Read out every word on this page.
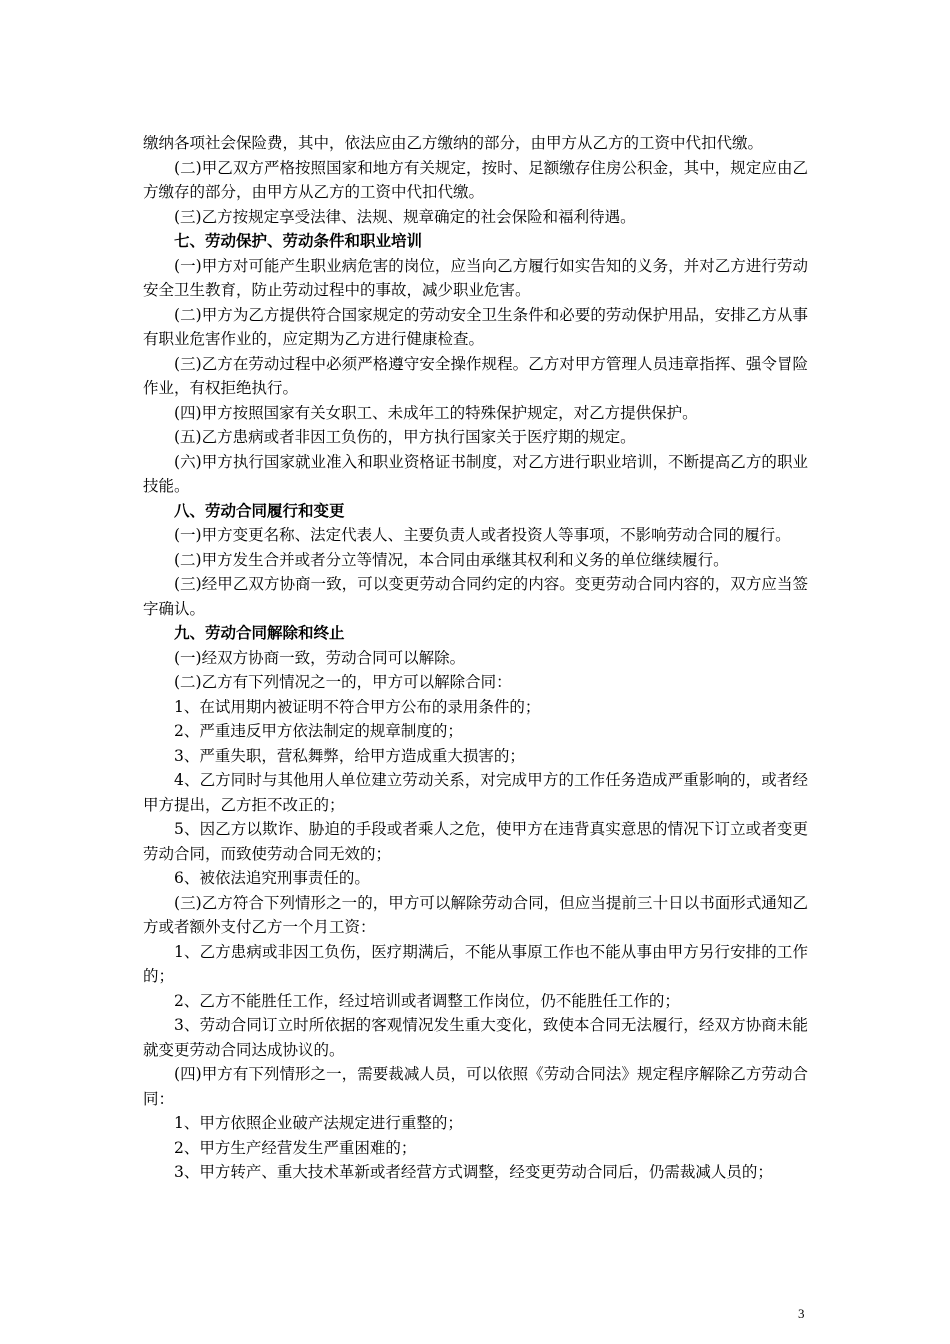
缴纳各项社会保险费，其中，依法应由乙方缴纳的部分，由甲方从乙方的工资中代扣代缴。

(二)甲乙双方严格按照国家和地方有关规定，按时、足额缴存住房公积金，其中，规定应由乙方缴存的部分，由甲方从乙方的工资中代扣代缴。

(三)乙方按规定享受法律、法规、规章确定的社会保险和福利待遇。

七、劳动保护、劳动条件和职业培训

(一)甲方对可能产生职业病危害的岗位，应当向乙方履行如实告知的义务，并对乙方进行劳动安全卫生教育，防止劳动过程中的事故，减少职业危害。

(二)甲方为乙方提供符合国家规定的劳动安全卫生条件和必要的劳动保护用品，安排乙方从事有职业危害作业的，应定期为乙方进行健康检查。

(三)乙方在劳动过程中必须严格遵守安全操作规程。乙方对甲方管理人员违章指挥、强令冒险作业，有权拒绝执行。

(四)甲方按照国家有关女职工、未成年工的特殊保护规定，对乙方提供保护。

(五)乙方患病或者非因工负伤的，甲方执行国家关于医疗期的规定。

(六)甲方执行国家就业准入和职业资格证书制度，对乙方进行职业培训，不断提高乙方的职业技能。

八、劳动合同履行和变更

(一)甲方变更名称、法定代表人、主要负责人或者投资人等事项，不影响劳动合同的履行。

(二)甲方发生合并或者分立等情况，本合同由承继其权利和义务的单位继续履行。

(三)经甲乙双方协商一致，可以变更劳动合同约定的内容。变更劳动合同内容的，双方应当签字确认。

九、劳动合同解除和终止

(一)经双方协商一致，劳动合同可以解除。

(二)乙方有下列情况之一的，甲方可以解除合同：

1、在试用期内被证明不符合甲方公布的录用条件的；

2、严重违反甲方依法制定的规章制度的；

3、严重失职，营私舞弊，给甲方造成重大损害的；

4、乙方同时与其他用人单位建立劳动关系，对完成甲方的工作任务造成严重影响的，或者经甲方提出，乙方拒不改正的；

5、因乙方以欺诈、胁迫的手段或者乘人之危，使甲方在违背真实意思的情况下订立或者变更劳动合同，而致使劳动合同无效的；

6、被依法追究刑事责任的。

(三)乙方符合下列情形之一的，甲方可以解除劳动合同，但应当提前三十日以书面形式通知乙方或者额外支付乙方一个月工资：

1、乙方患病或非因工负伤，医疗期满后，不能从事原工作也不能从事由甲方另行安排的工作的；

2、乙方不能胜任工作，经过培训或者调整工作岗位，仍不能胜任工作的；

3、劳动合同订立时所依据的客观情况发生重大变化，致使本合同无法履行，经双方协商未能就变更劳动合同达成协议的。

(四)甲方有下列情形之一，需要裁减人员，可以依照《劳动合同法》规定程序解除乙方劳动合同：

1、甲方依照企业破产法规定进行重整的；

2、甲方生产经营发生严重困难的；

3、甲方转产、重大技术革新或者经营方式调整，经变更劳动合同后，仍需裁减人员的；

3
